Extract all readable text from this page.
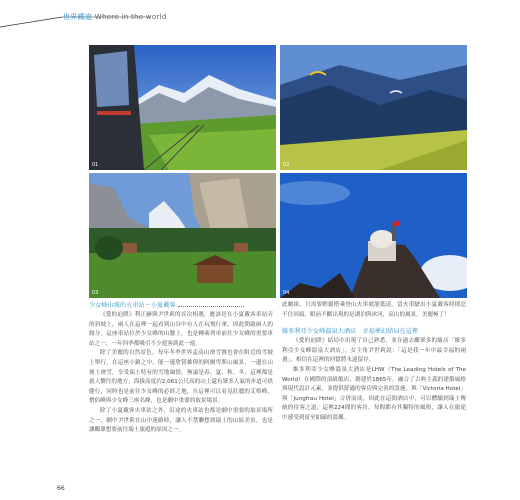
世界鐵道 Where in the world
01	02
03	04

少女峰山坡的火車站－小夏戴客

《愛的迫降》利正赫與尹世莉的首次相遇，應該是在小夏戴客車站旁的斜坡上，兩人在這裡一起看到山谷中有人在玩飛行傘，因此開啟兩人的緣分。這座車站位於少女峰的山腰上，也是轉乘列車前往少女峰的重要車站之一，一年四季都吸引不少遊客到此一遊。

除了美麗的自然景色，每年冬季世界盃高山滑雪賽也會在附近的雪坡上舉行。在這座小鎮之中，能一邊欣賞雄偉的阿爾卑斯山風景，一邊在山坡上滑雪，享受瑞士特有的雪地風情。無論是春、夏、秋、冬，這裡都是旅人嚮往的地方，海拔高度約2,061公尺高的山上還有眾多人氣的步道可供健行，同時也是前往少女峰的必經之地，在這裡可以看見壯麗的艾格峰、僧侶峰與少女峰三座名峰，也是劇中重要的取景場景。

除了小夏戴客火車站之外，沿途的火車站也都是劇中重要的取景場所之一，劇中尹世莉在山中迷路時，讓人不禁聯想到瑞士的山區美景，也是讓觀眾想要前往瑞士旅遊的原因之一。

此劇組，只需要輕鬆搭乘登山火車就能抵達。當火車駛出小夏戴客時則忍不住回頭，眼前不斷出現的是湖泊與冰河，高山的風景，美麗極了！

維多利亞少女峰溫泉大酒店　幸福夢幻結局在這裡

《愛的迫降》結局中出現了自己熟悉，並在過去觀眾多的飯店「維多利亞少女峰溫泉大酒店」，女主角尹世莉說：「這是我一年中最幸福的兩週」，相信在這裡的回憶將永遠留存。

維多利亞少女峰溫泉大酒店是LHW（The Leading Hotels of The World）在國際的頂級飯店，創建於1865年，融合了古典主義的建築風格與現代設計元素，並提供舒適的客房與完善的設施。與「Victoria Hotel」與「Jungfrau Hotel」合併而成，因此在這間酒店中，可以體驗到瑞士傳統的待客之道，這裡224間的客房，每間都有其獨特的風格，讓人在旅途中感受到賓至如歸的溫馨。

66
